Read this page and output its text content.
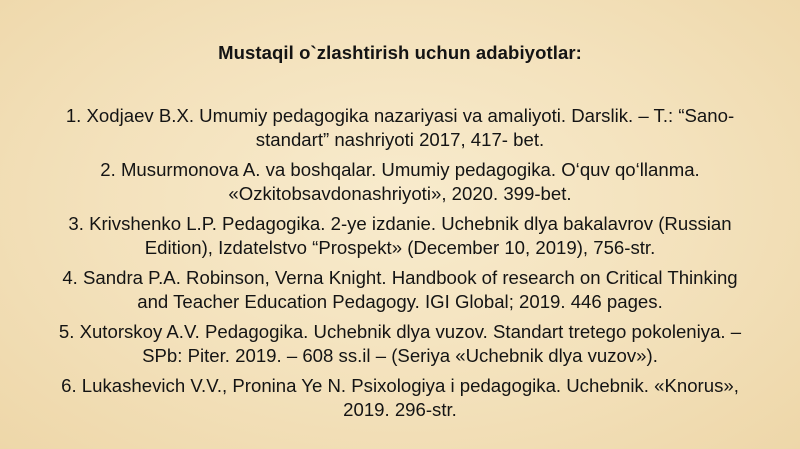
Mustaqil o`zlashtirish uchun adabiyotlar:
1. Xodjaev B.X. Umumiy pedagogika nazariyasi va amaliyoti. Darslik. – T.: “Sano-
standart” nashriyoti 2017, 417- bet.
2. Musurmonova A. va boshqalar. Umumiy pedagogika. O‘quv qo‘llanma.
«Ozkitobsavdonashriyoti», 2020. 399-bet.
3. Krivshenko L.P. Pedagogika. 2-ye izdanie. Uchebnik dlya bakalavrov (Russian
Edition), Izdatelstvo “Prospekt» (December 10, 2019), 756-str.
4. Sandra P.A. Robinson, Verna Knight. Handbook of research on Critical Thinking
and Teacher Education Pedagogy. IGI Global; 2019. 446 pages.
5. Xutorskoy A.V. Pedagogika. Uchebnik dlya vuzov. Standart tretego pokoleniya. –
SPb: Piter. 2019. – 608 ss.il – (Seriya «Uchebnik dlya vuzov»).
6. Lukashevich V.V., Pronina Ye N. Psixologiya i pedagogika. Uchebnik. «Knorus»,
2019. 296-str.
